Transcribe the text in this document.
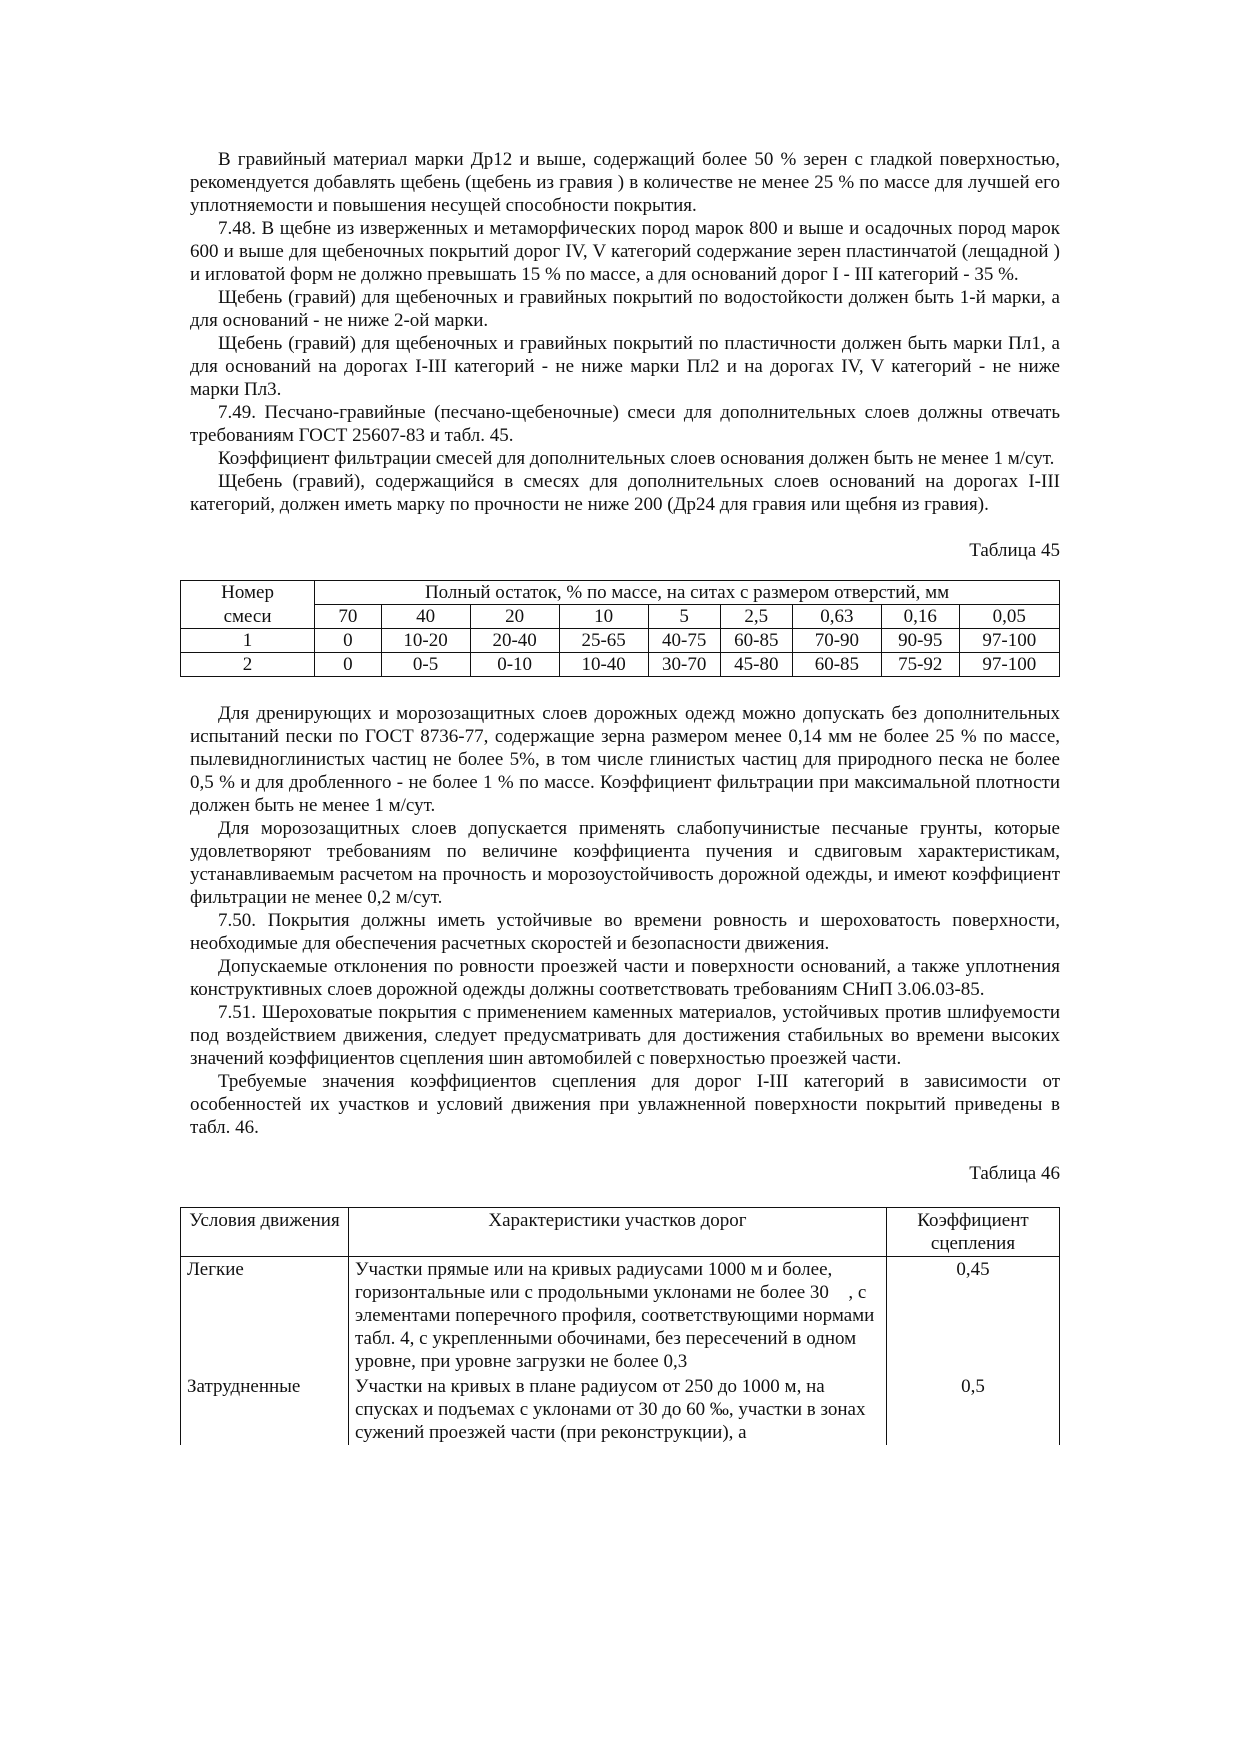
В гравийный материал марки Др12 и выше, содержащий более 50 % зерен с гладкой поверхностью, рекомендуется добавлять щебень (щебень из гравия ) в количестве не менее 25 % по массе для лучшей его уплотняемости и повышения несущей способности покрытия.

7.48. В щебне из изверженных и метаморфических пород марок 800 и выше и осадочных пород марок 600 и выше для щебеночных покрытий дорог IV, V категорий содержание зерен пластинчатой (лещадной ) и игловатой форм не должно превышать 15 % по массе, а для оснований дорог I - III категорий - 35 %.

Щебень (гравий) для щебеночных и гравийных покрытий по водостойкости должен быть 1-й марки, а для оснований - не ниже 2-ой марки.

Щебень (гравий) для щебеночных и гравийных покрытий по пластичности должен быть марки Пл1, а для оснований на дорогах I-III категорий - не ниже марки Пл2 и на дорогах IV, V категорий - не ниже марки Пл3.

7.49. Песчано-гравийные (песчано-щебеночные) смеси для дополнительных слоев должны отвечать требованиям ГОСТ 25607-83 и табл. 45.

Коэффициент фильтрации смесей для дополнительных слоев основания должен быть не менее 1 м/сут.

Щебень (гравий), содержащийся в смесях для дополнительных слоев оснований на дорогах I-III категорий, должен иметь марку по прочности не ниже 200 (Др24 для гравия или щебня из гравия).

Таблица 45

Номер	Полный остаток, % по массе, на ситах с размером отверстий, мм								
смеси	70	40	20	10	5	2,5	0,63	0,16	0,05
1	0	10-20	20-40	25-65	40-75	60-85	70-90	90-95	97-100
2	0	0-5	0-10	10-40	30-70	45-80	60-85	75-92	97-100

Для дренирующих и морозозащитных слоев дорожных одежд можно допускать без дополнительных испытаний пески по ГОСТ 8736-77, содержащие зерна размером менее 0,14 мм не более 25 % по массе, пылевидноглинистых частиц не более 5%, в том числе глинистых частиц для природного песка не более 0,5 % и для дробленного - не более 1 % по массе. Коэффициент фильтрации при максимальной плотности должен быть не менее 1 м/сут.

Для морозозащитных слоев допускается применять слабопучинистые песчаные грунты, которые удовлетворяют требованиям по величине коэффициента пучения и сдвиговым характеристикам, устанавливаемым расчетом на прочность и морозоустойчивость дорожной одежды, и имеют коэффициент фильтрации не менее 0,2 м/сут.

7.50. Покрытия должны иметь устойчивые во времени ровность и шероховатость поверхности, необходимые для обеспечения расчетных скоростей и безопасности движения.

Допускаемые отклонения по ровности проезжей части и поверхности оснований, а также уплотнения конструктивных слоев дорожной одежды должны соответствовать требованиям СНиП 3.06.03-85.

7.51. Шероховатые покрытия с применением каменных материалов, устойчивых против шлифуемости под воздействием движения, следует предусматривать для достижения стабильных во времени высоких значений коэффициентов сцепления шин автомобилей с поверхностью проезжей части.

Требуемые значения коэффициентов сцепления для дорог I-III категорий в зависимости от особенностей их участков и условий движения при увлажненной поверхности покрытий приведены в табл. 46.

Таблица 46

Условия движения	Характеристики участков дорог	Коэффициент сцепления
Легкие	Участки прямые или на кривых радиусами 1000 м и более, горизонтальные или с продольными уклонами не более 30  , с элементами поперечного профиля, соответствующими нормами табл. 4, с укрепленными обочинами, без пересечений в одном уровне, при уровне загрузки не более 0,3	0,45
Затрудненные	Участки на кривых в плане радиусом от 250 до 1000 м, на спусках и подъемах с уклонами от 30 до 60 ‰, участки в зонах сужений проезжей части (при реконструкции), а	0,5
